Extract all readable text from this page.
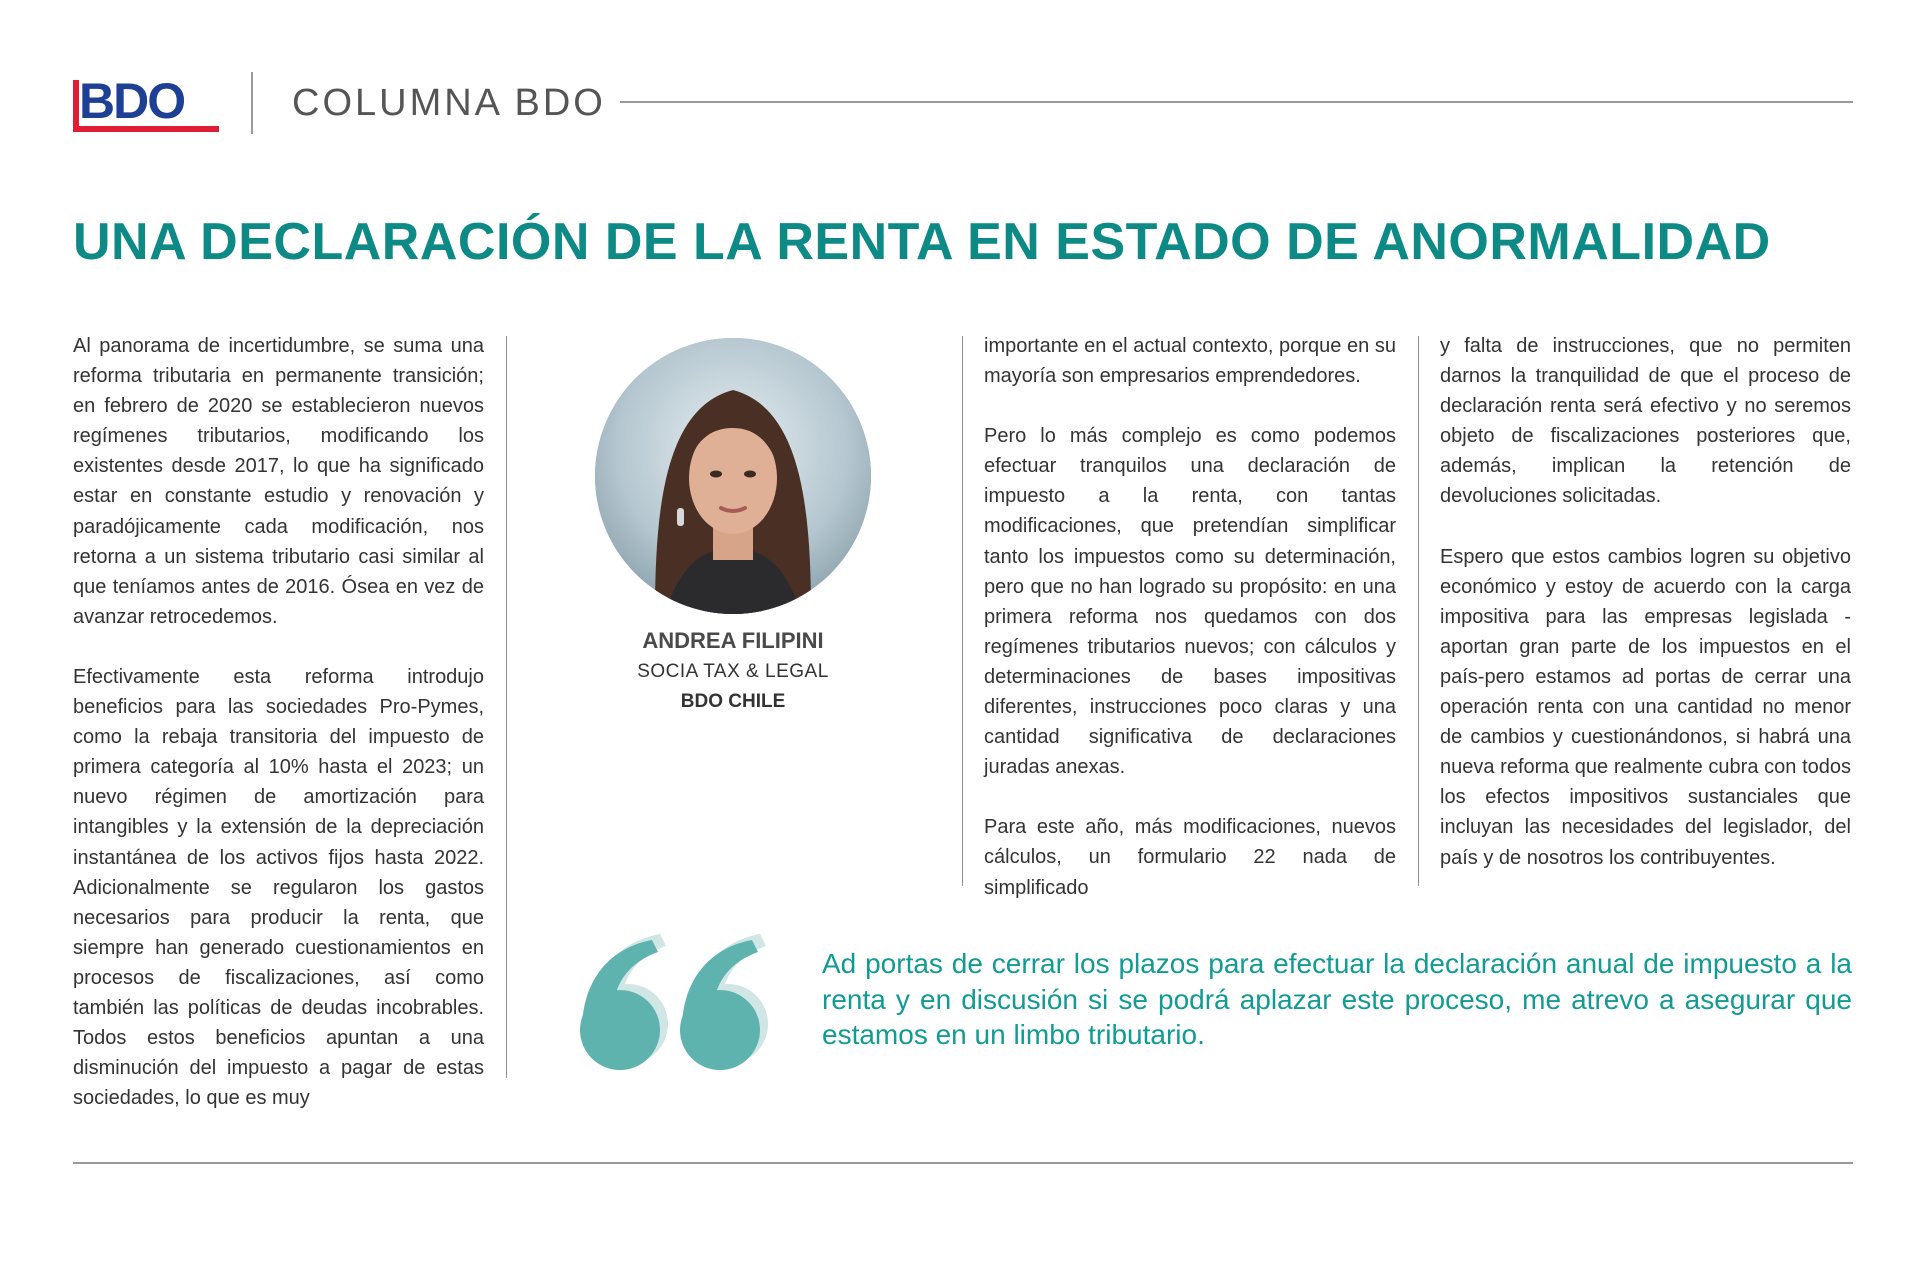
BDO	COLUMNA BDO
UNA DECLARACIÓN DE LA RENTA EN ESTADO DE ANORMALIDAD

Al panorama de incertidumbre, se suma una reforma tributaria en permanente transición; en febrero de 2020 se establecieron nuevos regímenes tributarios, modificando los existentes desde 2017, lo que ha significado estar en constante estudio y renovación y paradójicamente cada modificación, nos retorna a un sistema tributario casi similar al que teníamos antes de 2016. Ósea en vez de avanzar retrocedemos.

Efectivamente esta reforma introdujo beneficios para las sociedades Pro-Pymes, como la rebaja transitoria del impuesto de primera categoría al 10% hasta el 2023; un nuevo régimen de amortización para intangibles y la extensión de la depreciación instantánea de los activos fijos hasta 2022. Adicionalmente se regularon los gastos necesarios para producir la renta, que siempre han generado cuestionamientos en procesos de fiscalizaciones, así como también las políticas de deudas incobrables. Todos estos beneficios apuntan a una disminución del impuesto a pagar de estas sociedades, lo que es muy

ANDREA FILIPINI
SOCIA TAX & LEGAL
BDO CHILE

importante en el actual contexto, porque en su mayoría son empresarios emprendedores.

Pero lo más complejo es como podemos efectuar tranquilos una declaración de impuesto a la renta, con tantas modificaciones, que pretendían simplificar tanto los impuestos como su determinación, pero que no han logrado su propósito: en una primera reforma nos quedamos con dos regímenes tributarios nuevos; con cálculos y determinaciones de bases impositivas diferentes, instrucciones poco claras y una cantidad significativa de declaraciones juradas anexas.

Para este año, más modificaciones, nuevos cálculos, un formulario 22 nada de simplificado

y falta de instrucciones, que no permiten darnos la tranquilidad de que el proceso de declaración renta será efectivo y no seremos objeto de fiscalizaciones posteriores que, además, implican la retención de devoluciones solicitadas.

Espero que estos cambios logren su objetivo económico y estoy de acuerdo con la carga impositiva para las empresas legislada - aportan gran parte de los impuestos en el país-pero estamos ad portas de cerrar una operación renta con una cantidad no menor de cambios y cuestionándonos, si habrá una nueva reforma que realmente cubra con todos los efectos impositivos sustanciales que incluyan las necesidades del legislador, del país y de nosotros los contribuyentes.

Ad portas de cerrar los plazos para efectuar la declaración anual de impuesto a la renta y en discusión si se podrá aplazar este proceso, me atrevo a asegurar que estamos en un limbo tributario.
